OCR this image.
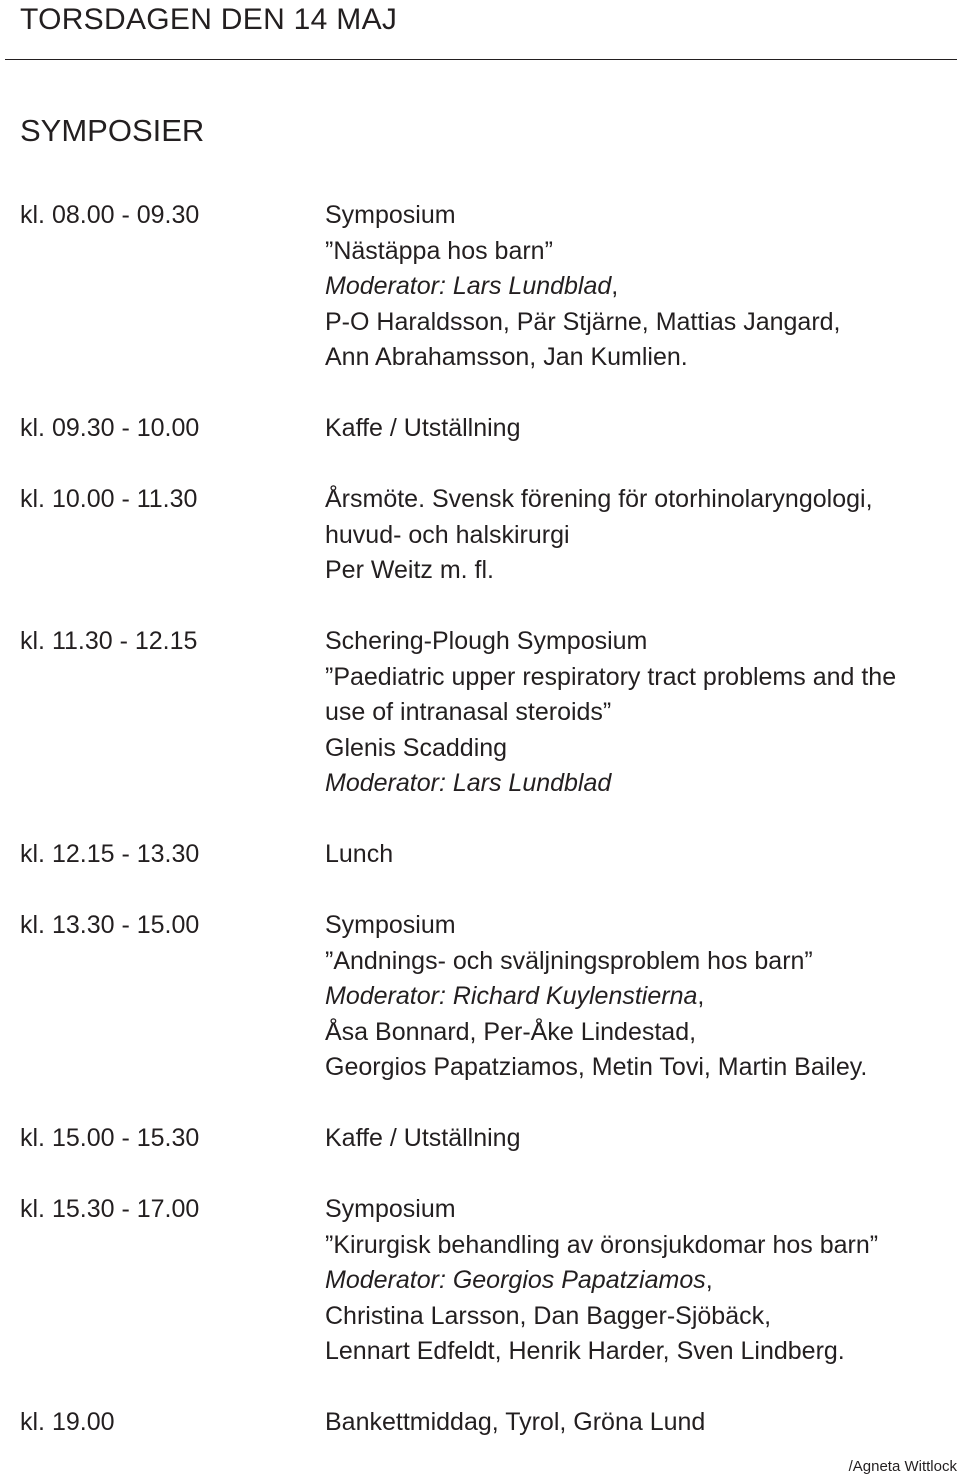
TORSDAGEN DEN 14 MAJ
SYMPOSIER
kl. 08.00 - 09.30	Symposium
”Nästäppa hos barn”
Moderator: Lars Lundblad,
P-O Haraldsson, Pär Stjärne, Mattias Jangard,
Ann Abrahamsson, Jan Kumlien.
kl. 09.30 - 10.00	Kaffe / Utställning
kl. 10.00 - 11.30	Årsmöte. Svensk förening för otorhinolaryngologi,
huvud- och halskirurgi
Per Weitz m. fl.
kl. 11.30 - 12.15	Schering-Plough Symposium
”Paediatric upper respiratory tract problems and the
use of intranasal steroids”
Glenis Scadding
Moderator: Lars Lundblad
kl. 12.15 - 13.30	Lunch
kl. 13.30 - 15.00	Symposium
”Andnings- och sväljningsproblem hos barn”
Moderator: Richard Kuylenstierna,
Åsa Bonnard, Per-Åke Lindestad,
Georgios Papatziamos, Metin Tovi, Martin Bailey.
kl. 15.00 - 15.30	Kaffe / Utställning
kl. 15.30 - 17.00	Symposium
”Kirurgisk behandling av öronsjukdomar hos barn”
Moderator: Georgios Papatziamos,
Christina Larsson, Dan Bagger-Sjöbäck,
Lennart Edfeldt, Henrik Harder, Sven Lindberg.
kl. 19.00	Bankettmiddag, Tyrol, Gröna Lund
/Agneta Wittlock
